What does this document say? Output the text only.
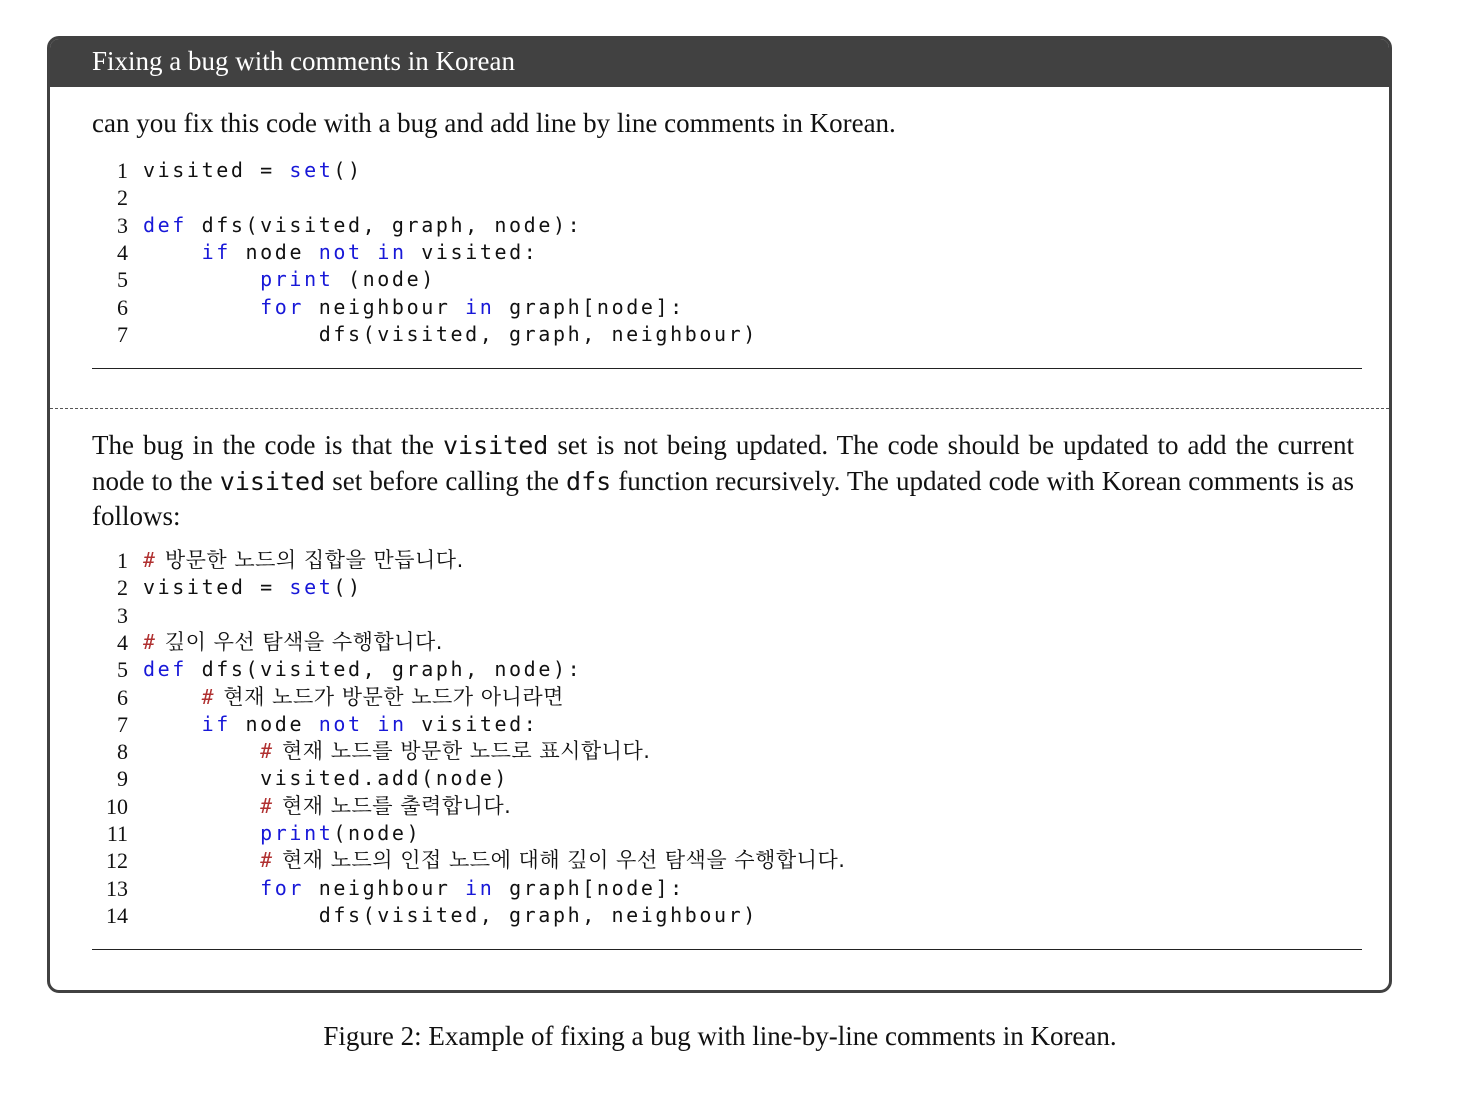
Fixing a bug with comments in Korean
can you fix this code with a bug and add line by line comments in Korean.
1 visited = set()
2
3 def dfs(visited, graph, node):
4	if node not in visited:
5	print (node)
6	for neighbour in graph[node]:
7 dfs(visited, graph, neighbour)
The bug in the code is that the visited set is not being updated. The code should be updated to add the current node to the visited set before calling the dfs function recursively. The updated code with Korean comments is as follows:
1 # 방문한 노드의 집합을 만듭니다.
2 visited = set()
3
4 # 깊이 우선 탐색을 수행합니다.
5 def dfs(visited, graph, node):
6	# 현재 노드가 방문한 노드가 아니라면
7	if node not in visited:
8	# 현재 노드를 방문한 노드로 표시합니다.
9 visited.add(node)
10	# 현재 노드를 출력합니다.
11	print(node)
12	# 현재 노드의 인접 노드에 대해 깊이 우선 탐색을 수행합니다.
13	for neighbour in graph[node]:
14 dfs(visited, graph, neighbour)
Figure 2: Example of fixing a bug with line-by-line comments in Korean.
